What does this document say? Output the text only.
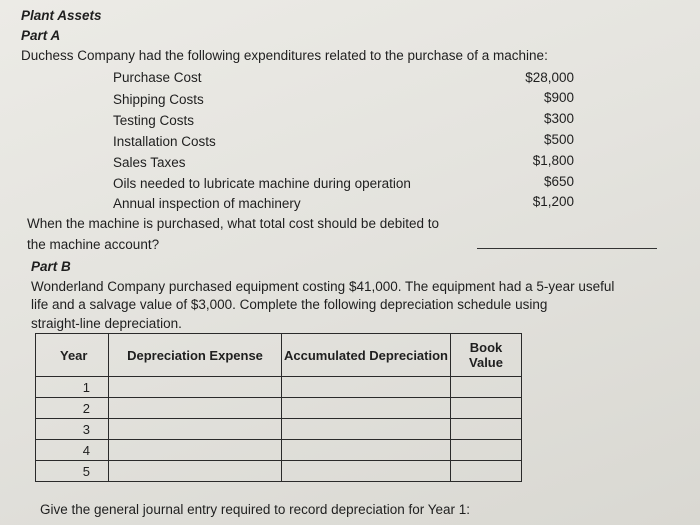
Plant Assets
Part A
Duchess Company had the following expenditures related to the purchase of a machine:
Purchase Cost	$28,000
Shipping Costs	$900
Testing Costs	$300
Installation Costs	$500
Sales Taxes	$1,800
Oils needed to lubricate machine during operation	$650
Annual inspection of machinery	$1,200
When the machine is purchased, what total cost should be debited to
the machine account?
Part B
Wonderland Company purchased equipment costing $41,000. The equipment had a 5-year useful
life and a salvage value of $3,000. Complete the following depreciation schedule using
straight-line depreciation.
Year	Depreciation Expense	Accumulated Depreciation	Book
Value

1			
2			
3			
4			
5			
Give the general journal entry required to record depreciation for Year 1:
